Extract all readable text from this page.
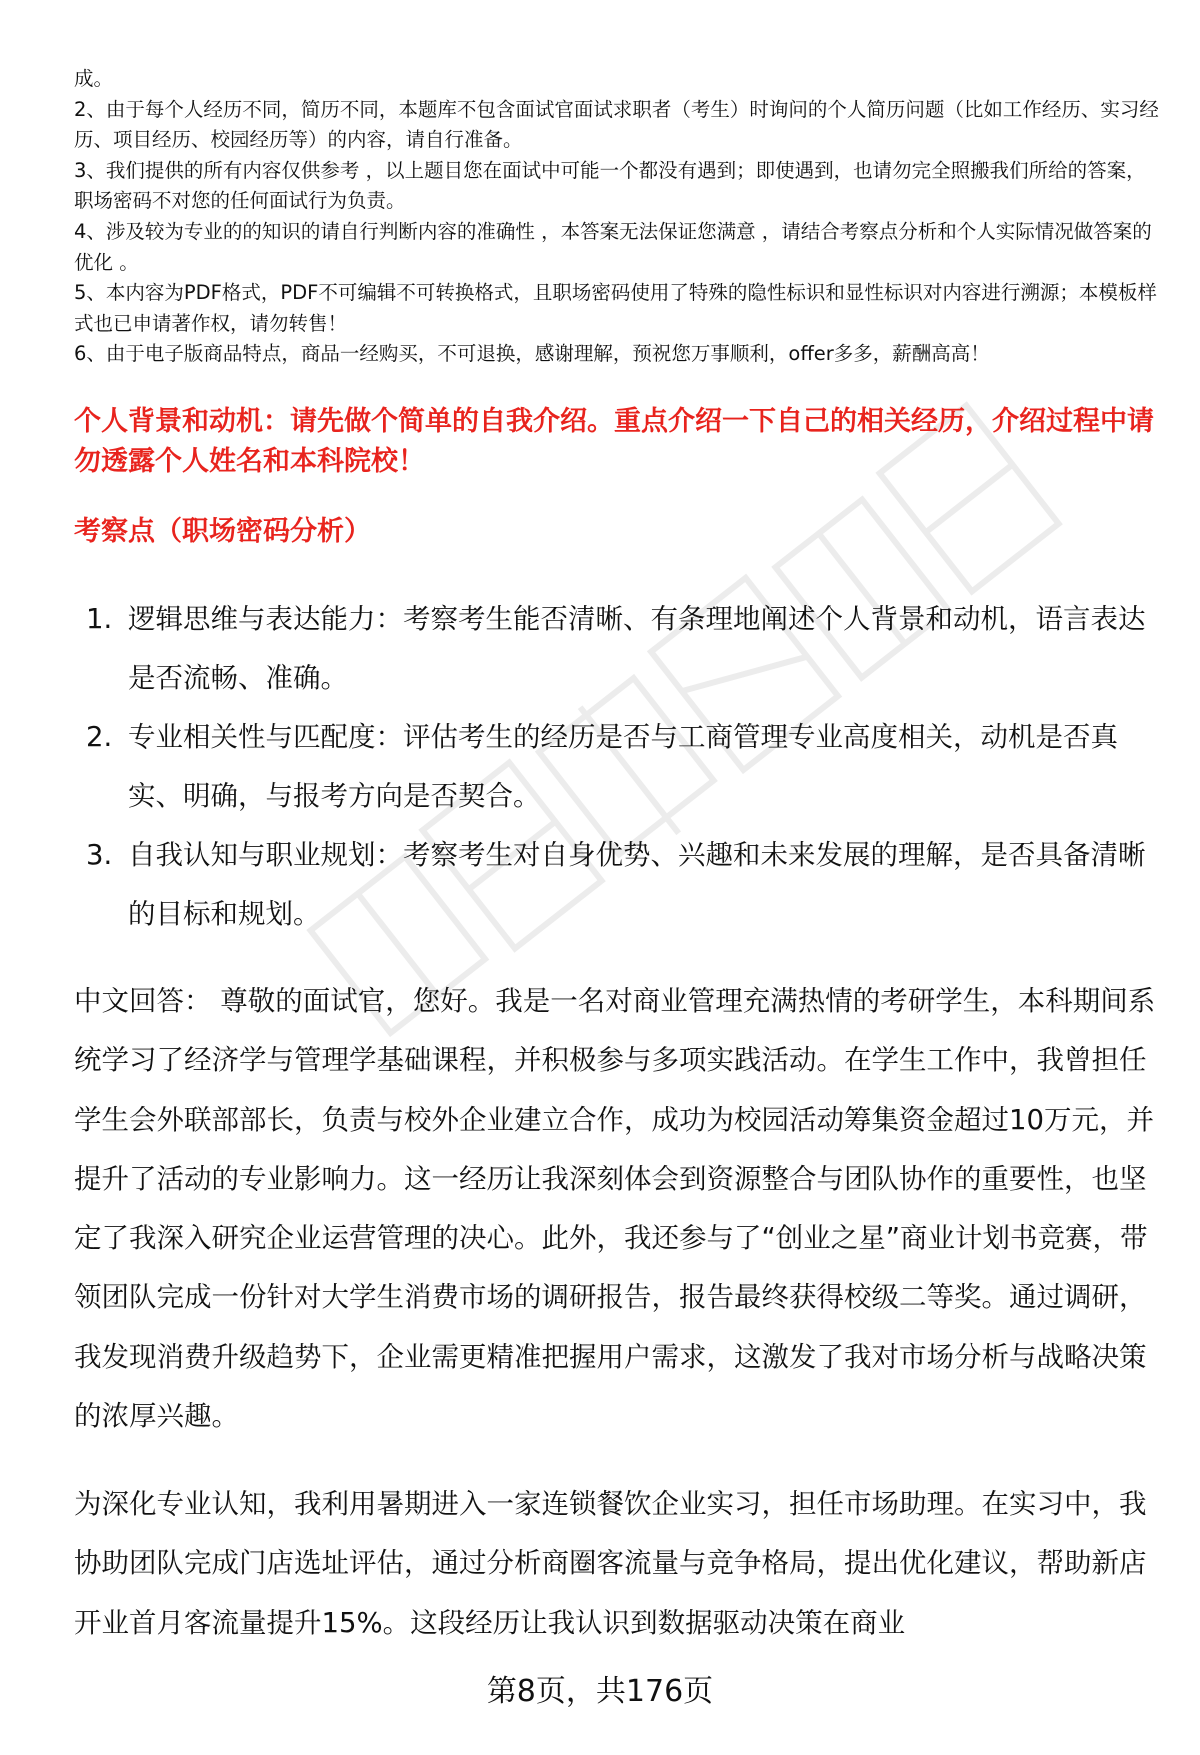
成。

2、由于每个人经历不同，简历不同，本题库不包含面试官面试求职者（考生）时询问的个人简历问题（比如工作经历、实习经历、项目经历、校园经历等）的内容，请自行准备。

3、我们提供的所有内容仅供参考 ，以上题目您在面试中可能一个都没有遇到；即使遇到，也请勿完全照搬我们所给的答案，职场密码不对您的任何面试行为负责。

4、涉及较为专业的的知识的请自行判断内容的准确性 ，本答案无法保证您满意 ，请结合考察点分析和个人实际情况做答案的优化 。

5、本内容为PDF格式，PDF不可编辑不可转换格式，且职场密码使用了特殊的隐性标识和显性标识对内容进行溯源；本模板样式也已申请著作权，请勿转售！

6、由于电子版商品特点，商品一经购买，不可退换，感谢理解，预祝您万事顺利，offer多多，薪酬高高！

个人背景和动机：请先做个简单的自我介绍。重点介绍一下自己的相关经历，介绍过程中请勿透露个人姓名和本科院校！
考察点（职场密码分析）
1. 逻辑思维与表达能力：考察考生能否清晰、有条理地阐述个人背景和动机，语言表达是否流畅、准确。
2. 专业相关性与匹配度：评估考生的经历是否与工商管理专业高度相关，动机是否真实、明确，与报考方向是否契合。
3. 自我认知与职业规划：考察考生对自身优势、兴趣和未来发展的理解，是否具备清晰的目标和规划。

中文回答： 尊敬的面试官，您好。我是一名对商业管理充满热情的考研学生，本科期间系统学习了经济学与管理学基础课程，并积极参与多项实践活动。在学生工作中，我曾担任学生会外联部部长，负责与校外企业建立合作，成功为校园活动筹集资金超过10万元，并提升了活动的专业影响力。这一经历让我深刻体会到资源整合与团队协作的重要性，也坚定了我深入研究企业运营管理的决心。此外，我还参与了“创业之星”商业计划书竞赛，带领团队完成一份针对大学生消费市场的调研报告，报告最终获得校级二等奖。通过调研，我发现消费升级趋势下，企业需更精准把握用户需求，这激发了我对市场分析与战略决策的浓厚兴趣。

为深化专业认知，我利用暑期进入一家连锁餐饮企业实习，担任市场助理。在实习中，我协助团队完成门店选址评估，通过分析商圈客流量与竞争格局，提出优化建议，帮助新店开业首月客流量提升15%。这段经历让我认识到数据驱动决策在商业

第8页，共176页
